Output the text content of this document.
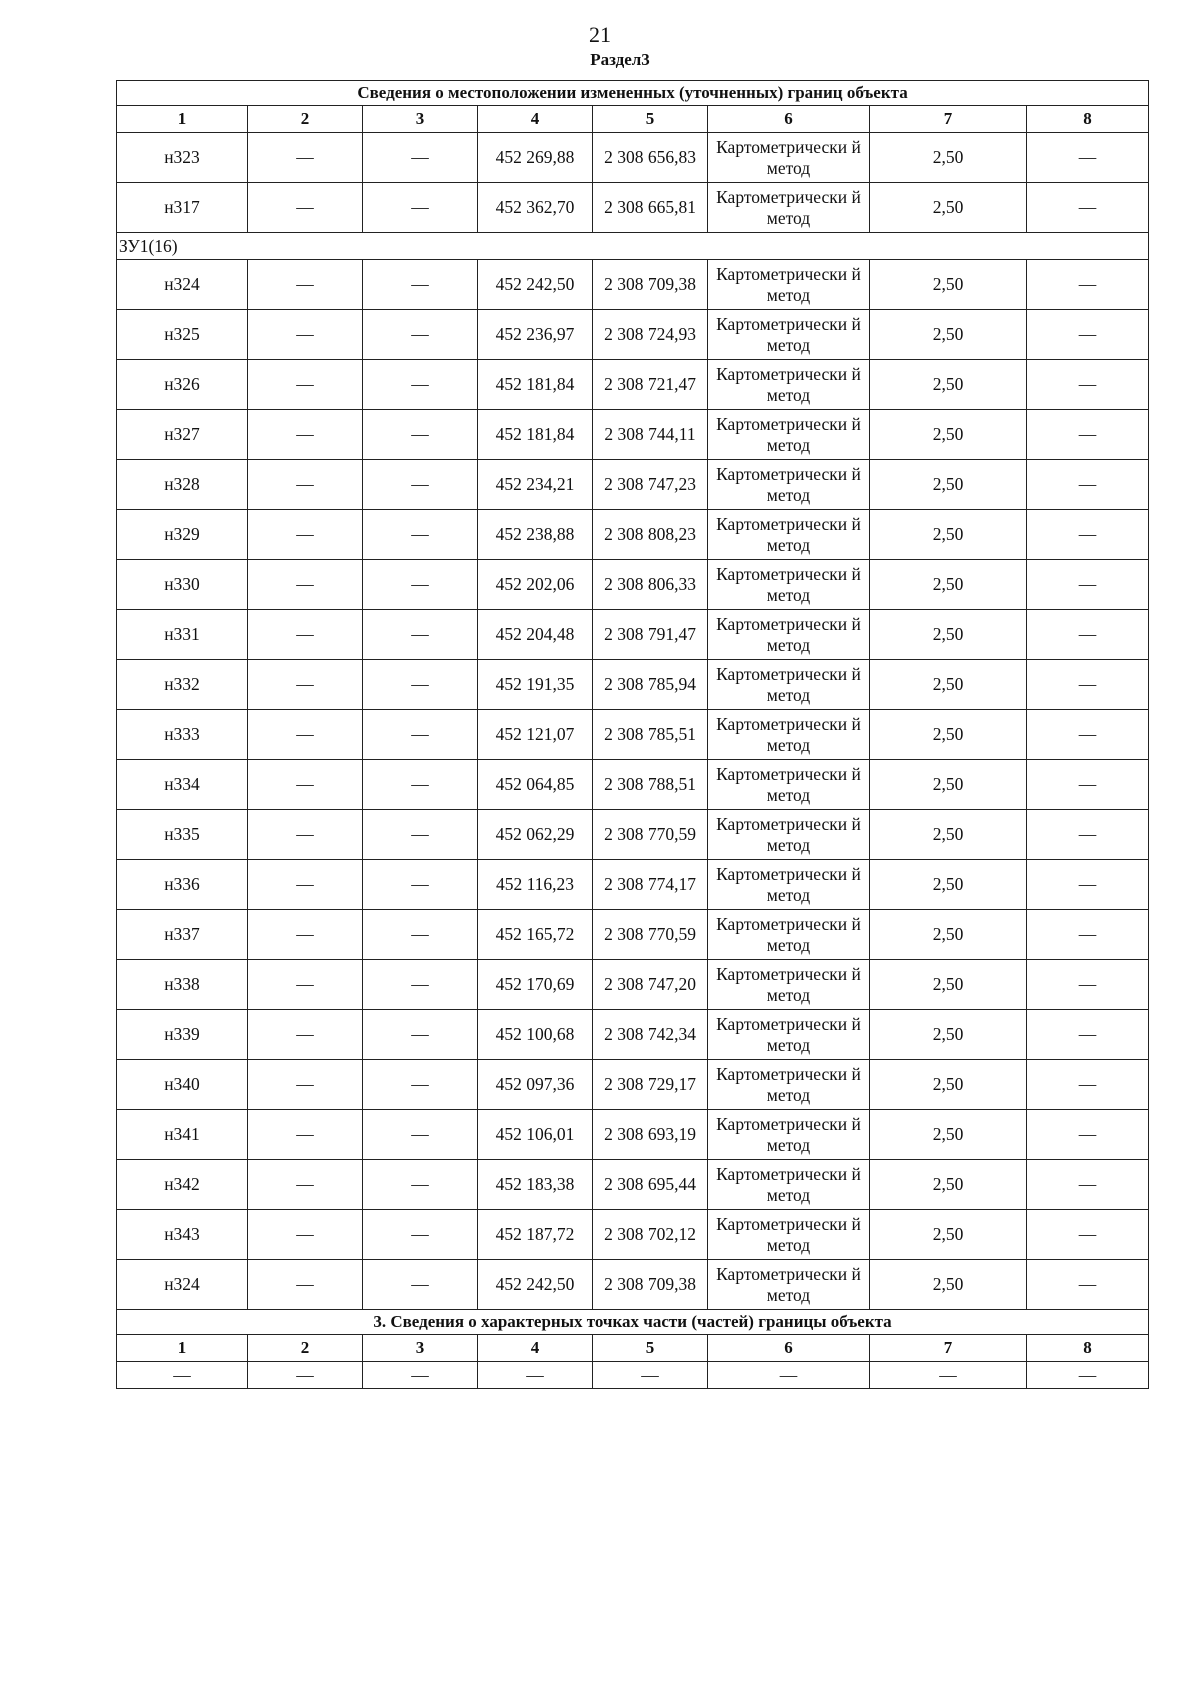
21
Раздел3
Сведения о местоположении измененных (уточненных) границ объекта							
1	2	3	4	5	6	7	8
н323	—	—	452 269,88	2 308 656,83	Картометрически й метод	2,50	—
н317	—	—	452 362,70	2 308 665,81	Картометрически й метод	2,50	—
ЗУ1(16)							
н324	—	—	452 242,50	2 308 709,38	Картометрически й метод	2,50	—
н325	—	—	452 236,97	2 308 724,93	Картометрически й метод	2,50	—
н326	—	—	452 181,84	2 308 721,47	Картометрически й метод	2,50	—
н327	—	—	452 181,84	2 308 744,11	Картометрически й метод	2,50	—
н328	—	—	452 234,21	2 308 747,23	Картометрически й метод	2,50	—
н329	—	—	452 238,88	2 308 808,23	Картометрически й метод	2,50	—
н330	—	—	452 202,06	2 308 806,33	Картометрически й метод	2,50	—
н331	—	—	452 204,48	2 308 791,47	Картометрически й метод	2,50	—
н332	—	—	452 191,35	2 308 785,94	Картометрически й метод	2,50	—
н333	—	—	452 121,07	2 308 785,51	Картометрически й метод	2,50	—
н334	—	—	452 064,85	2 308 788,51	Картометрически й метод	2,50	—
н335	—	—	452 062,29	2 308 770,59	Картометрически й метод	2,50	—
н336	—	—	452 116,23	2 308 774,17	Картометрически й метод	2,50	—
н337	—	—	452 165,72	2 308 770,59	Картометрически й метод	2,50	—
н338	—	—	452 170,69	2 308 747,20	Картометрически й метод	2,50	—
н339	—	—	452 100,68	2 308 742,34	Картометрически й метод	2,50	—
н340	—	—	452 097,36	2 308 729,17	Картометрически й метод	2,50	—
н341	—	—	452 106,01	2 308 693,19	Картометрически й метод	2,50	—
н342	—	—	452 183,38	2 308 695,44	Картометрически й метод	2,50	—
н343	—	—	452 187,72	2 308 702,12	Картометрически й метод	2,50	—
н324	—	—	452 242,50	2 308 709,38	Картометрически й метод	2,50	—
3. Сведения о характерных точках части (частей) границы объекта							
1	2	3	4	5	6	7	8
—	—	—	—	—	—	—	—
